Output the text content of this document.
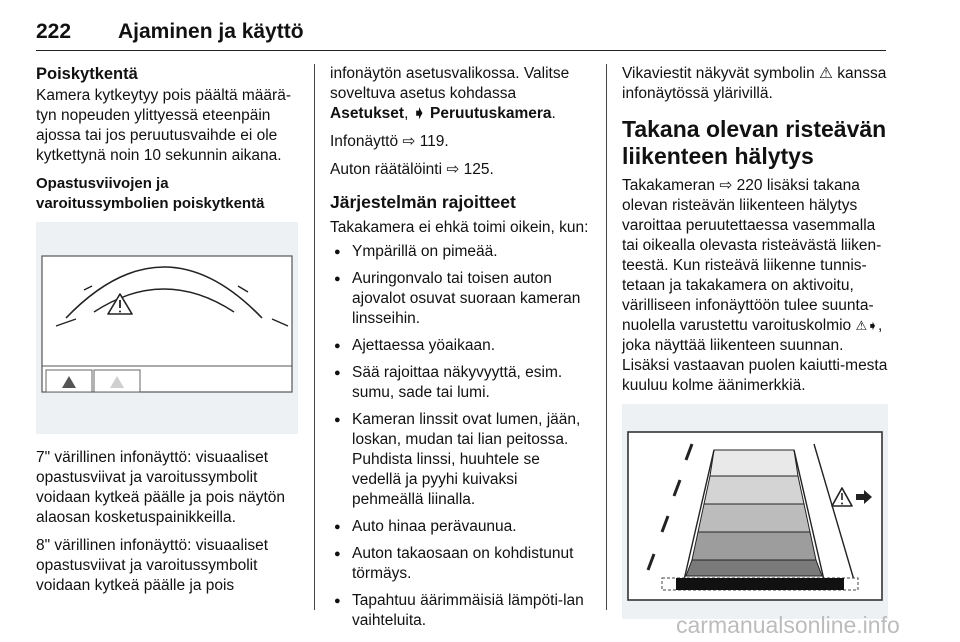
222 Ajaminen ja käyttö
Poiskytkentä

Kamera kytkeytyy pois päältä määrä-tyn nopeuden ylittyessä eteenpäin ajossa tai jos peruutusvaihde ei ole kytkettynä noin 10 sekunnin aikana.

Opastusviivojen ja varoitussymbolien poiskytkentä

7" värillinen infonäyttö: visuaaliset opastusviivat ja varoitussymbolit voidaan kytkeä päälle ja pois näytön alaosan kosketuspainikkeilla.

8" värillinen infonäyttö: visuaaliset opastusviivat ja varoitussymbolit voidaan kytkeä päälle ja pois

infonäytön asetusvalikossa. Valitse soveltuva asetus kohdassa Asetukset, ➧ Peruutuskamera.

Infonäyttö ⇨ 119.

Auton räätälöinti ⇨ 125.

Järjestelmän rajoitteet

Takakamera ei ehkä toimi oikein, kun:

● Ympärillä on pimeää.
● Auringonvalo tai toisen auton ajovalot osuvat suoraan kameran linsseihin.
● Ajettaessa yöaikaan.
● Sää rajoittaa näkyvyyttä, esim. sumu, sade tai lumi.
● Kameran linssit ovat lumen, jään, loskan, mudan tai lian peitossa. Puhdista linssi, huuhtele se vedellä ja pyyhi kuivaksi pehmeällä liinalla.
● Auto hinaa perävaunua.
● Auton takaosaan on kohdistunut törmäys.
● Tapahtuu äärimmäisiä lämpöti-lan vaihteluita.

Vikaviestit näkyvät symbolin ⚠ kanssa infonäytössä ylärivillä.

Takana olevan risteävän liikenteen hälytys

Takakameran ⇨ 220 lisäksi takana olevan risteävän liikenteen hälytys varoittaa peruutettaessa vasemmalla tai oikealla olevasta risteävästä liiken-teestä. Kun risteävä liikenne tunnis-tetaan ja takakamera on aktivoitu, värilliseen infonäyttöön tulee suunta-nuolella varustettu varoituskolmio ⚠➧, joka näyttää liikenteen suunnan. Lisäksi vastaavan puolen kaiutti-mesta kuuluu kolme äänimerkkiä.

carmanualsonline.info
